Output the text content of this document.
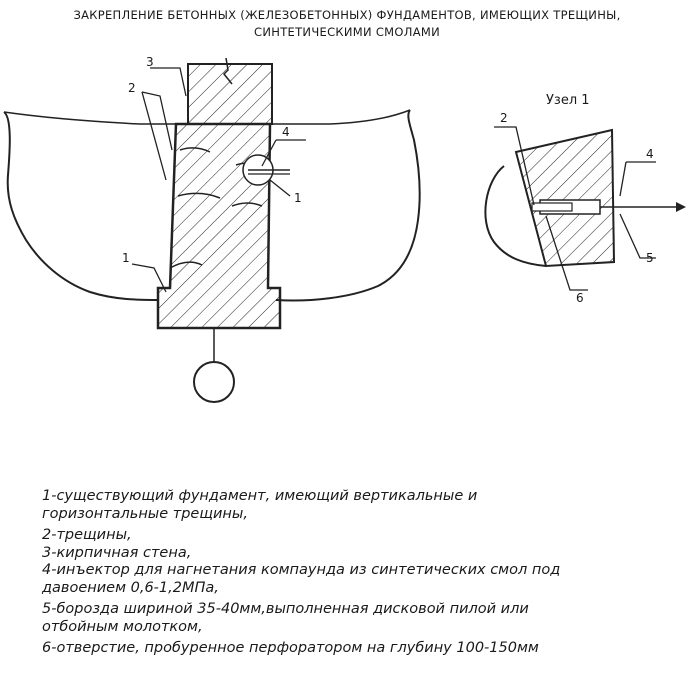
ЗАКРЕПЛЕНИЕ БЕТОННЫХ (ЖЕЛЕЗОБЕТОННЫХ) ФУНДАМЕНТОВ, ИМЕЮЩИХ ТРЕЩИНЫ,
СИНТЕТИЧЕСКИМИ СМОЛАМИ
3
2
4
1
1
Узел 1
2
4
5
6
1-существующий фундамент, имеющий вертикальные и
горизонтальные трещины,
2-трещины,
3-кирпичная стена,
4-инъектор для нагнетания компаунда из синтетических смол под
давоением 0,6-1,2МПа,
5-борозда шириной 35-40мм,выполненная дисковой пилой или
отбойным молотком,
6-отверстие, пробуренное перфоратором на глубину 100-150мм
